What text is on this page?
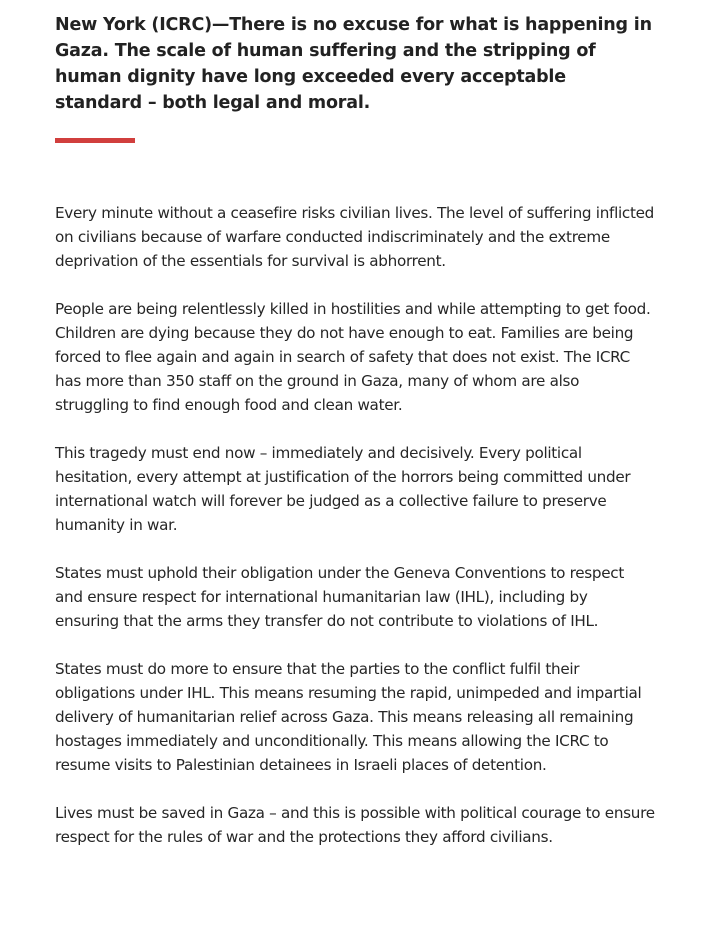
New York (ICRC)—There is no excuse for what is happening in Gaza. The scale of human suffering and the stripping of human dignity have long exceeded every acceptable standard – both legal and moral.

Every minute without a ceasefire risks civilian lives. The level of suffering inflicted on civilians because of warfare conducted indiscriminately and the extreme deprivation of the essentials for survival is abhorrent.

People are being relentlessly killed in hostilities and while attempting to get food. Children are dying because they do not have enough to eat. Families are being forced to flee again and again in search of safety that does not exist. The ICRC has more than 350 staff on the ground in Gaza, many of whom are also struggling to find enough food and clean water.

This tragedy must end now – immediately and decisively. Every political hesitation, every attempt at justification of the horrors being committed under international watch will forever be judged as a collective failure to preserve humanity in war.

States must uphold their obligation under the Geneva Conventions to respect and ensure respect for international humanitarian law (IHL), including by ensuring that the arms they transfer do not contribute to violations of IHL.

States must do more to ensure that the parties to the conflict fulfil their obligations under IHL. This means resuming the rapid, unimpeded and impartial delivery of humanitarian relief across Gaza. This means releasing all remaining hostages immediately and unconditionally. This means allowing the ICRC to resume visits to Palestinian detainees in Israeli places of detention.

Lives must be saved in Gaza – and this is possible with political courage to ensure respect for the rules of war and the protections they afford civilians.
